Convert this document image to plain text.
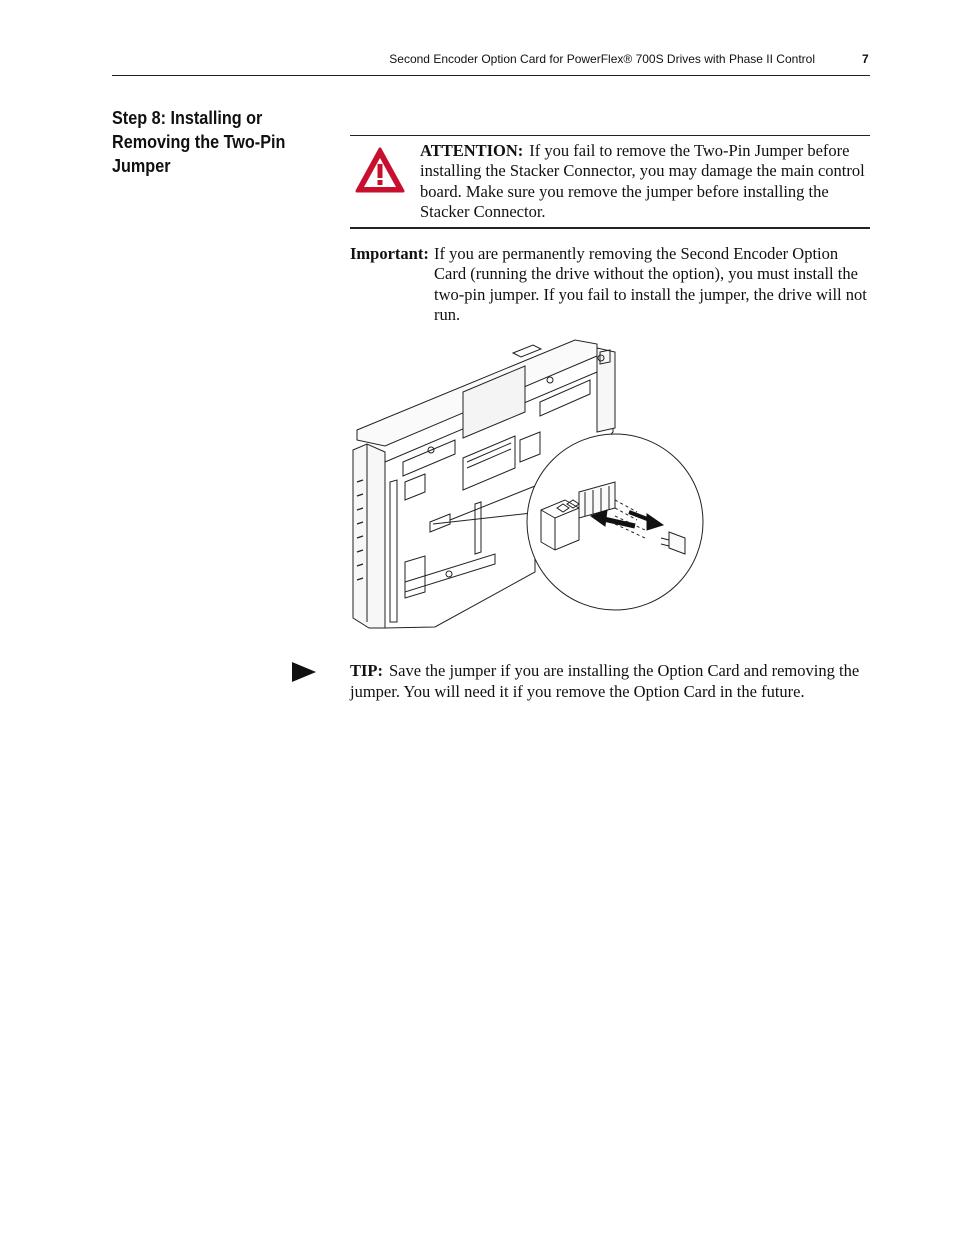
Second Encoder Option Card for PowerFlex® 700S Drives with Phase II Control	7
Step 8: Installing or Removing the Two-Pin Jumper
ATTENTION: If you fail to remove the Two-Pin Jumper before installing the Stacker Connector, you may damage the main control board. Make sure you remove the jumper before installing the Stacker Connector.
Important: If you are permanently removing the Second Encoder Option Card (running the drive without the option), you must install the two-pin jumper. If you fail to install the jumper, the drive will not run.
TIP: Save the jumper if you are installing the Option Card and removing the jumper. You will need it if you remove the Option Card in the future.
